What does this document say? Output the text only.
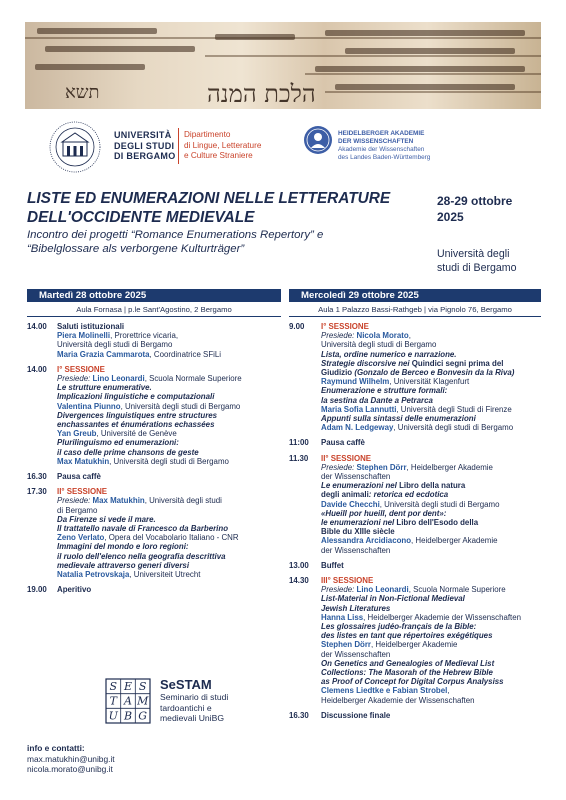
תשא	הלכת המנה
UNIVERSITÀ
DEGLI STUDI
DI BERGAMO
Dipartimento
di Lingue, Letterature
e Culture Straniere
HEIDELBERGER AKADEMIE
DER WISSENSCHAFTEN
Akademie der Wissenschaften
des Landes Baden-Württemberg
LISTE ED ENUMERAZIONI NELLE LETTERATURE
DELL'OCCIDENTE MEDIEVALE
Incontro dei progetti “Romance Enumerations Repertory” e
“Bibelglossare als verborgene Kulturträger”
28-29 ottobre
2025
Università degli
studi di Bergamo
Martedì 28 ottobre 2025	Mercoledì 29 ottobre 2025
Aula Fornasa | p.le Sant'Agostino, 2 Bergamo	Aula 1 Palazzo Bassi-Rathgeb | via Pignolo 76, Bergamo
14.00 Saluti istituzionali
Piera Molinelli, Prorettrice vicaria,
Università degli studi di Bergamo
Maria Grazia Cammarota, Coordinatrice SFiLi
14.00 I° SESSIONE
Presiede: Lino Leonardi, Scuola Normale Superiore
Le strutture enumerative.
Implicazioni linguistiche e computazionali
Valentina Piunno, Università degli studi di Bergamo
Divergences linguistiques entre structures
enchassantes et énumérations echassées
Yan Greub, Université de Genève
Plurilinguismo ed enumerazioni:
il caso delle prime chansons de geste
Max Matukhin, Università degli studi di Bergamo
16.30 Pausa caffè
17.30 II° SESSIONE
Presiede: Max Matukhin, Università degli studi
di Bergamo
Da Firenze si vede il mare.
Il trattatello navale di Francesco da Barberino
Zeno Verlato, Opera del Vocabolario Italiano - CNR
Immagini del mondo e loro regioni:
il ruolo dell'elenco nella geografia descrittiva
medievale attraverso generi diversi
Natalia Petrovskaja, Universiteit Utrecht
19.00 Aperitivo
9.00 I° SESSIONE
Presiede: Nicola Morato,
Università degli studi di Bergamo
Lista, ordine numerico e narrazione.
Strategie discorsive nei Quindici segni prima del
Giudizio (Gonzalo de Berceo e Bonvesin da la Riva)
Raymund Wilhelm, Universität Klagenfurt
Enumerazione e strutture formali:
la sestina da Dante a Petrarca
Maria Sofia Lannutti, Università degli Studi di Firenze
Appunti sulla sintassi delle enumerazioni
Adam N. Ledgeway, Università degli studi di Bergamo
11:00 Pausa caffè
11.30 II° SESSIONE
Presiede: Stephen Dörr, Heidelberger Akademie
der Wissenschaften
Le enumerazioni nel Libro della natura
degli animali: retorica ed ecdotica
Davide Checchi, Università degli studi di Bergamo
«Hueill por hueill, dent por dent»:
le enumerazioni nel Libro dell'Esodo della
Bible du XIIIe siècle
Alessandra Arcidiacono, Heidelberger Akademie
der Wissenschaften
13.00 Buffet
14.30 III° SESSIONE
Presiede: Lino Leonardi, Scuola Normale Superiore
List-Material in Non-Fictional Medieval
Jewish Literatures
Hanna Liss, Heidelberger Akademie der Wissenschaften
Les glossaires judéo-français de la Bible:
des listes en tant que répertoires exégétiques
Stephen Dörr, Heidelberger Akademie
der Wissenschaften
On Genetics and Genealogies of Medieval List
Collections: The Masorah of the Hebrew Bible
as Proof of Concept for Digital Corpus Analysiss
Clemens Liedtke e Fabian Strobel,
Heidelberger Akademie der Wissenschaften
16.30 Discussione finale
S E S
T A M
U B G
SeSTAM
Seminario di studi
tardoantichi e
medievali UniBG
info e contatti:
max.matukhin@unibg.it
nicola.morato@unibg.it
